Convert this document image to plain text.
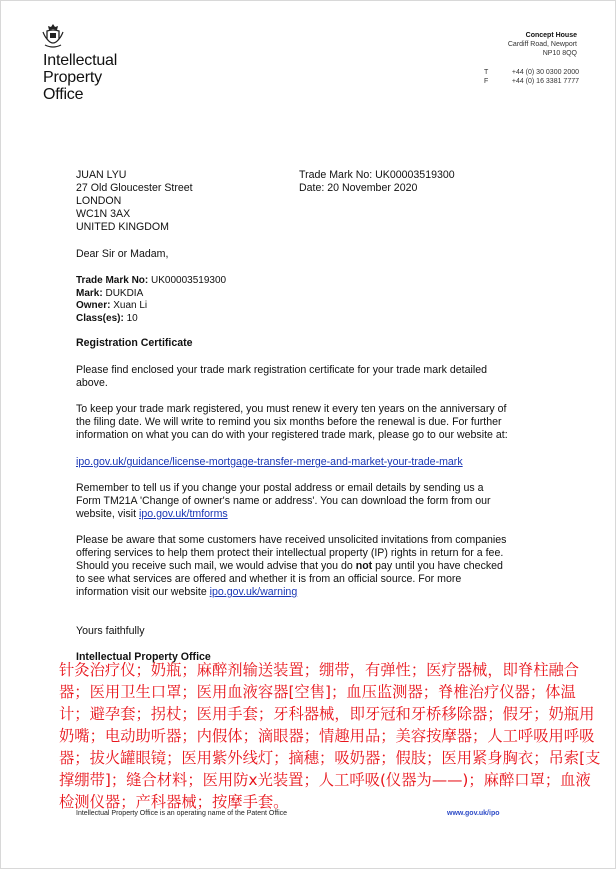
Intellectual
Property
Office
Concept House
Cardiff Road, Newport
NP10 8QQ
T	+44 (0) 30 0300 2000
F	+44 (0) 16 3381 7777
JUAN LYU
27 Old Gloucester Street
LONDON
WC1N 3AX
UNITED KINGDOM
Trade Mark No: UK00003519300
Date: 20 November 2020
Dear Sir or Madam,
Trade Mark No: UK00003519300
Mark: DUKDIA
Owner: Xuan Li
Class(es): 10
Registration Certificate
Please find enclosed your trade mark registration certificate for your trade mark detailed
above.
To keep your trade mark registered, you must renew it every ten years on the anniversary of
the filing date. We will write to remind you six months before the renewal is due. For further
information on what you can do with your registered trade mark, please go to our website at:
ipo.gov.uk/guidance/license-mortgage-transfer-merge-and-market-your-trade-mark
Remember to tell us if you change your postal address or email details by sending us a
Form TM21A 'Change of owner's name or address'. You can download the form from our
website, visit ipo.gov.uk/tmforms
Please be aware that some customers have received unsolicited invitations from companies
offering services to help them protect their intellectual property (IP) rights in return for a fee.
Should you receive such mail, we would advise that you do not pay until you have checked
to see what services are offered and whether it is from an official source. For more
information visit our website ipo.gov.uk/warning
Yours faithfully
Intellectual Property Office
针灸治疗仪；奶瓶；麻醉剂输送装置；绷带，有弹性；医疗器械，即脊柱融合器；医用卫生口罩；医用血液容器[空售]；血压监测器；脊椎治疗仪器；体温计；避孕套；拐杖；医用手套；牙科器械，即牙冠和牙桥移除器；假牙；奶瓶用奶嘴；电动助听器；内假体；滴眼器；情趣用品；美容按摩器；人工呼吸用呼吸器；拔火罐眼镜；医用紫外线灯；摘穗；吸奶器；假肢；医用紧身胸衣；吊索[支撑绷带]；缝合材料；医用防x光装置；人工呼吸(仪器为——)；麻醉口罩；血液检测仪器；产科器械；按摩手套。
Intellectual Property Office is an operating name of the Patent Office	www.gov.uk/ipo
